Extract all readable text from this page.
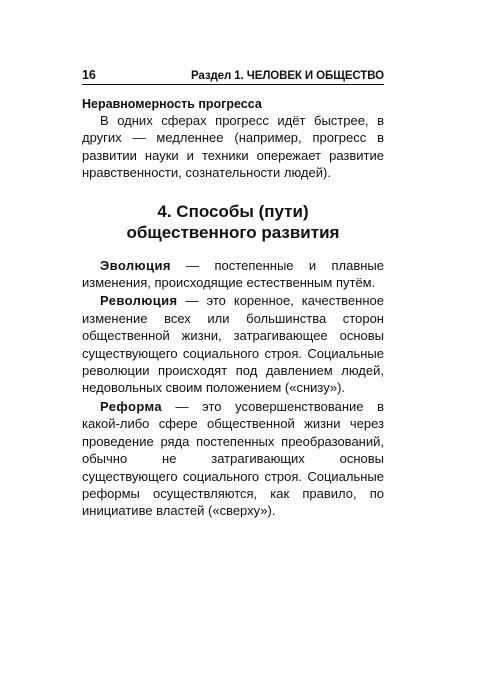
16	Раздел 1. ЧЕЛОВЕК И ОБЩЕСТВО
Неравномерность прогресса

В одних сферах прогресс идёт быстрее, в других — медленнее (например, прогресс в развитии науки и техники опережает развитие нравственности, сознательности людей).

4. Способы (пути)
общественного развития

Эволюция — постепенные и плавные изменения, происходящие естественным путём.

Революция — это коренное, качественное изменение всех или большинства сторон общественной жизни, затрагивающее основы существующего социального строя. Социальные революции происходят под давлением людей, недовольных своим положением («снизу»).

Реформа — это усовершенствование в какой-либо сфере общественной жизни через проведение ряда постепенных преобразований, обычно не затрагивающих основы существующего социального строя. Социальные реформы осуществляются, как правило, по инициативе властей («сверху»).
